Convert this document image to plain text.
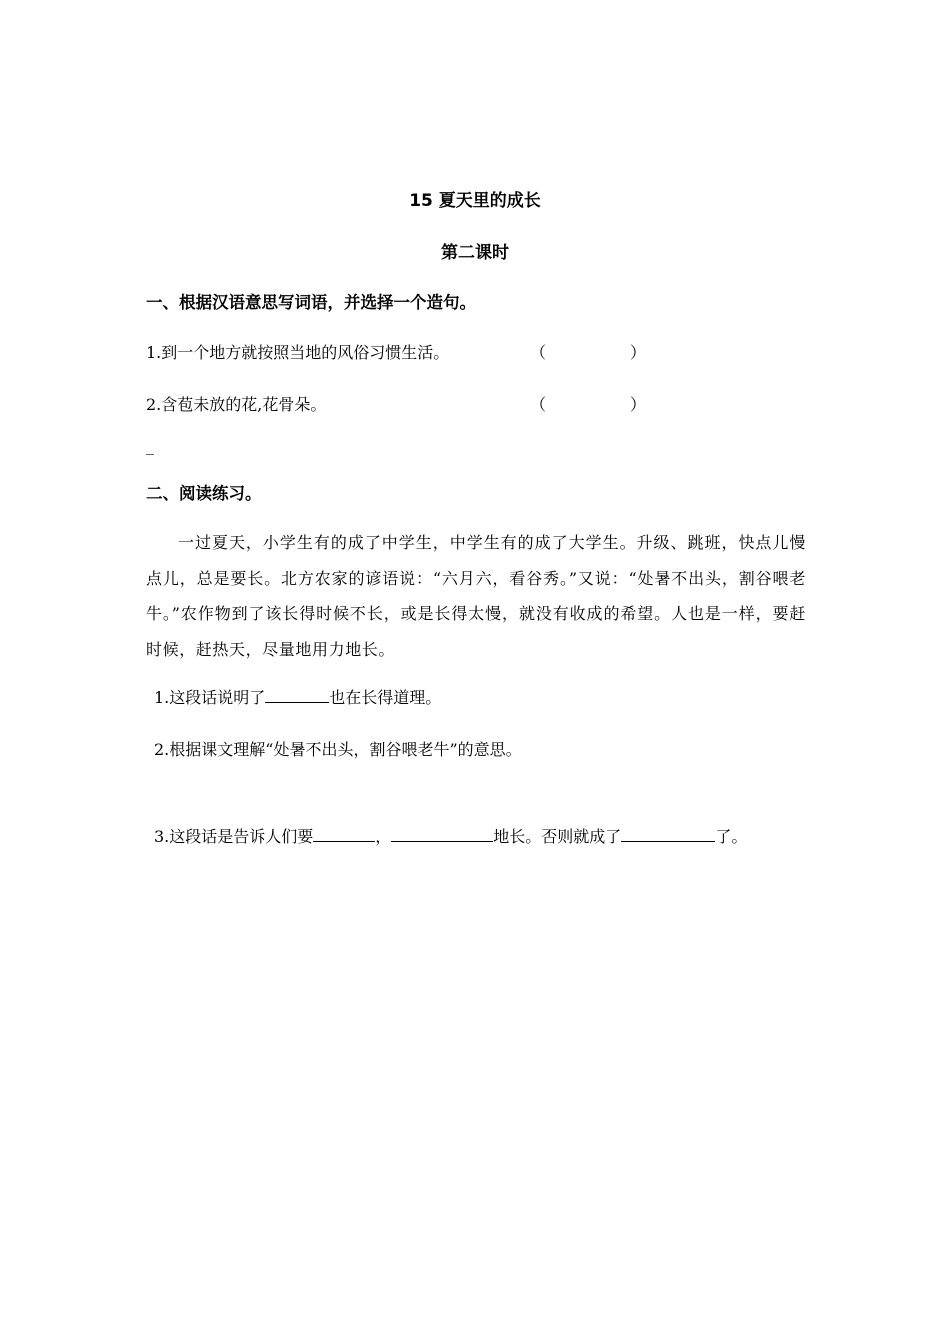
15 夏天里的成长
第二课时
一、根据汉语意思写词语，并选择一个造句。
1.到一个地方就按照当地的风俗习惯生活。	（	）
2.含苞未放的花,花骨朵。	（	）
_
二、阅读练习。
一过夏天，小学生有的成了中学生，中学生有的成了大学生。升级、跳班，快点儿慢点儿，总是要长。北方农家的谚语说：“六月六，看谷秀。”又说：“处暑不出头，割谷喂老牛。”农作物到了该长得时候不长，或是长得太慢，就没有收成的希望。人也是一样，要赶时候，赶热天，尽量地用力地长。
1.这段话说明了	也在长得道理。
2.根据课文理解“处暑不出头，割谷喂老牛”的意思。
3.这段话是告诉人们要	，	地长。否则就成了	了。
